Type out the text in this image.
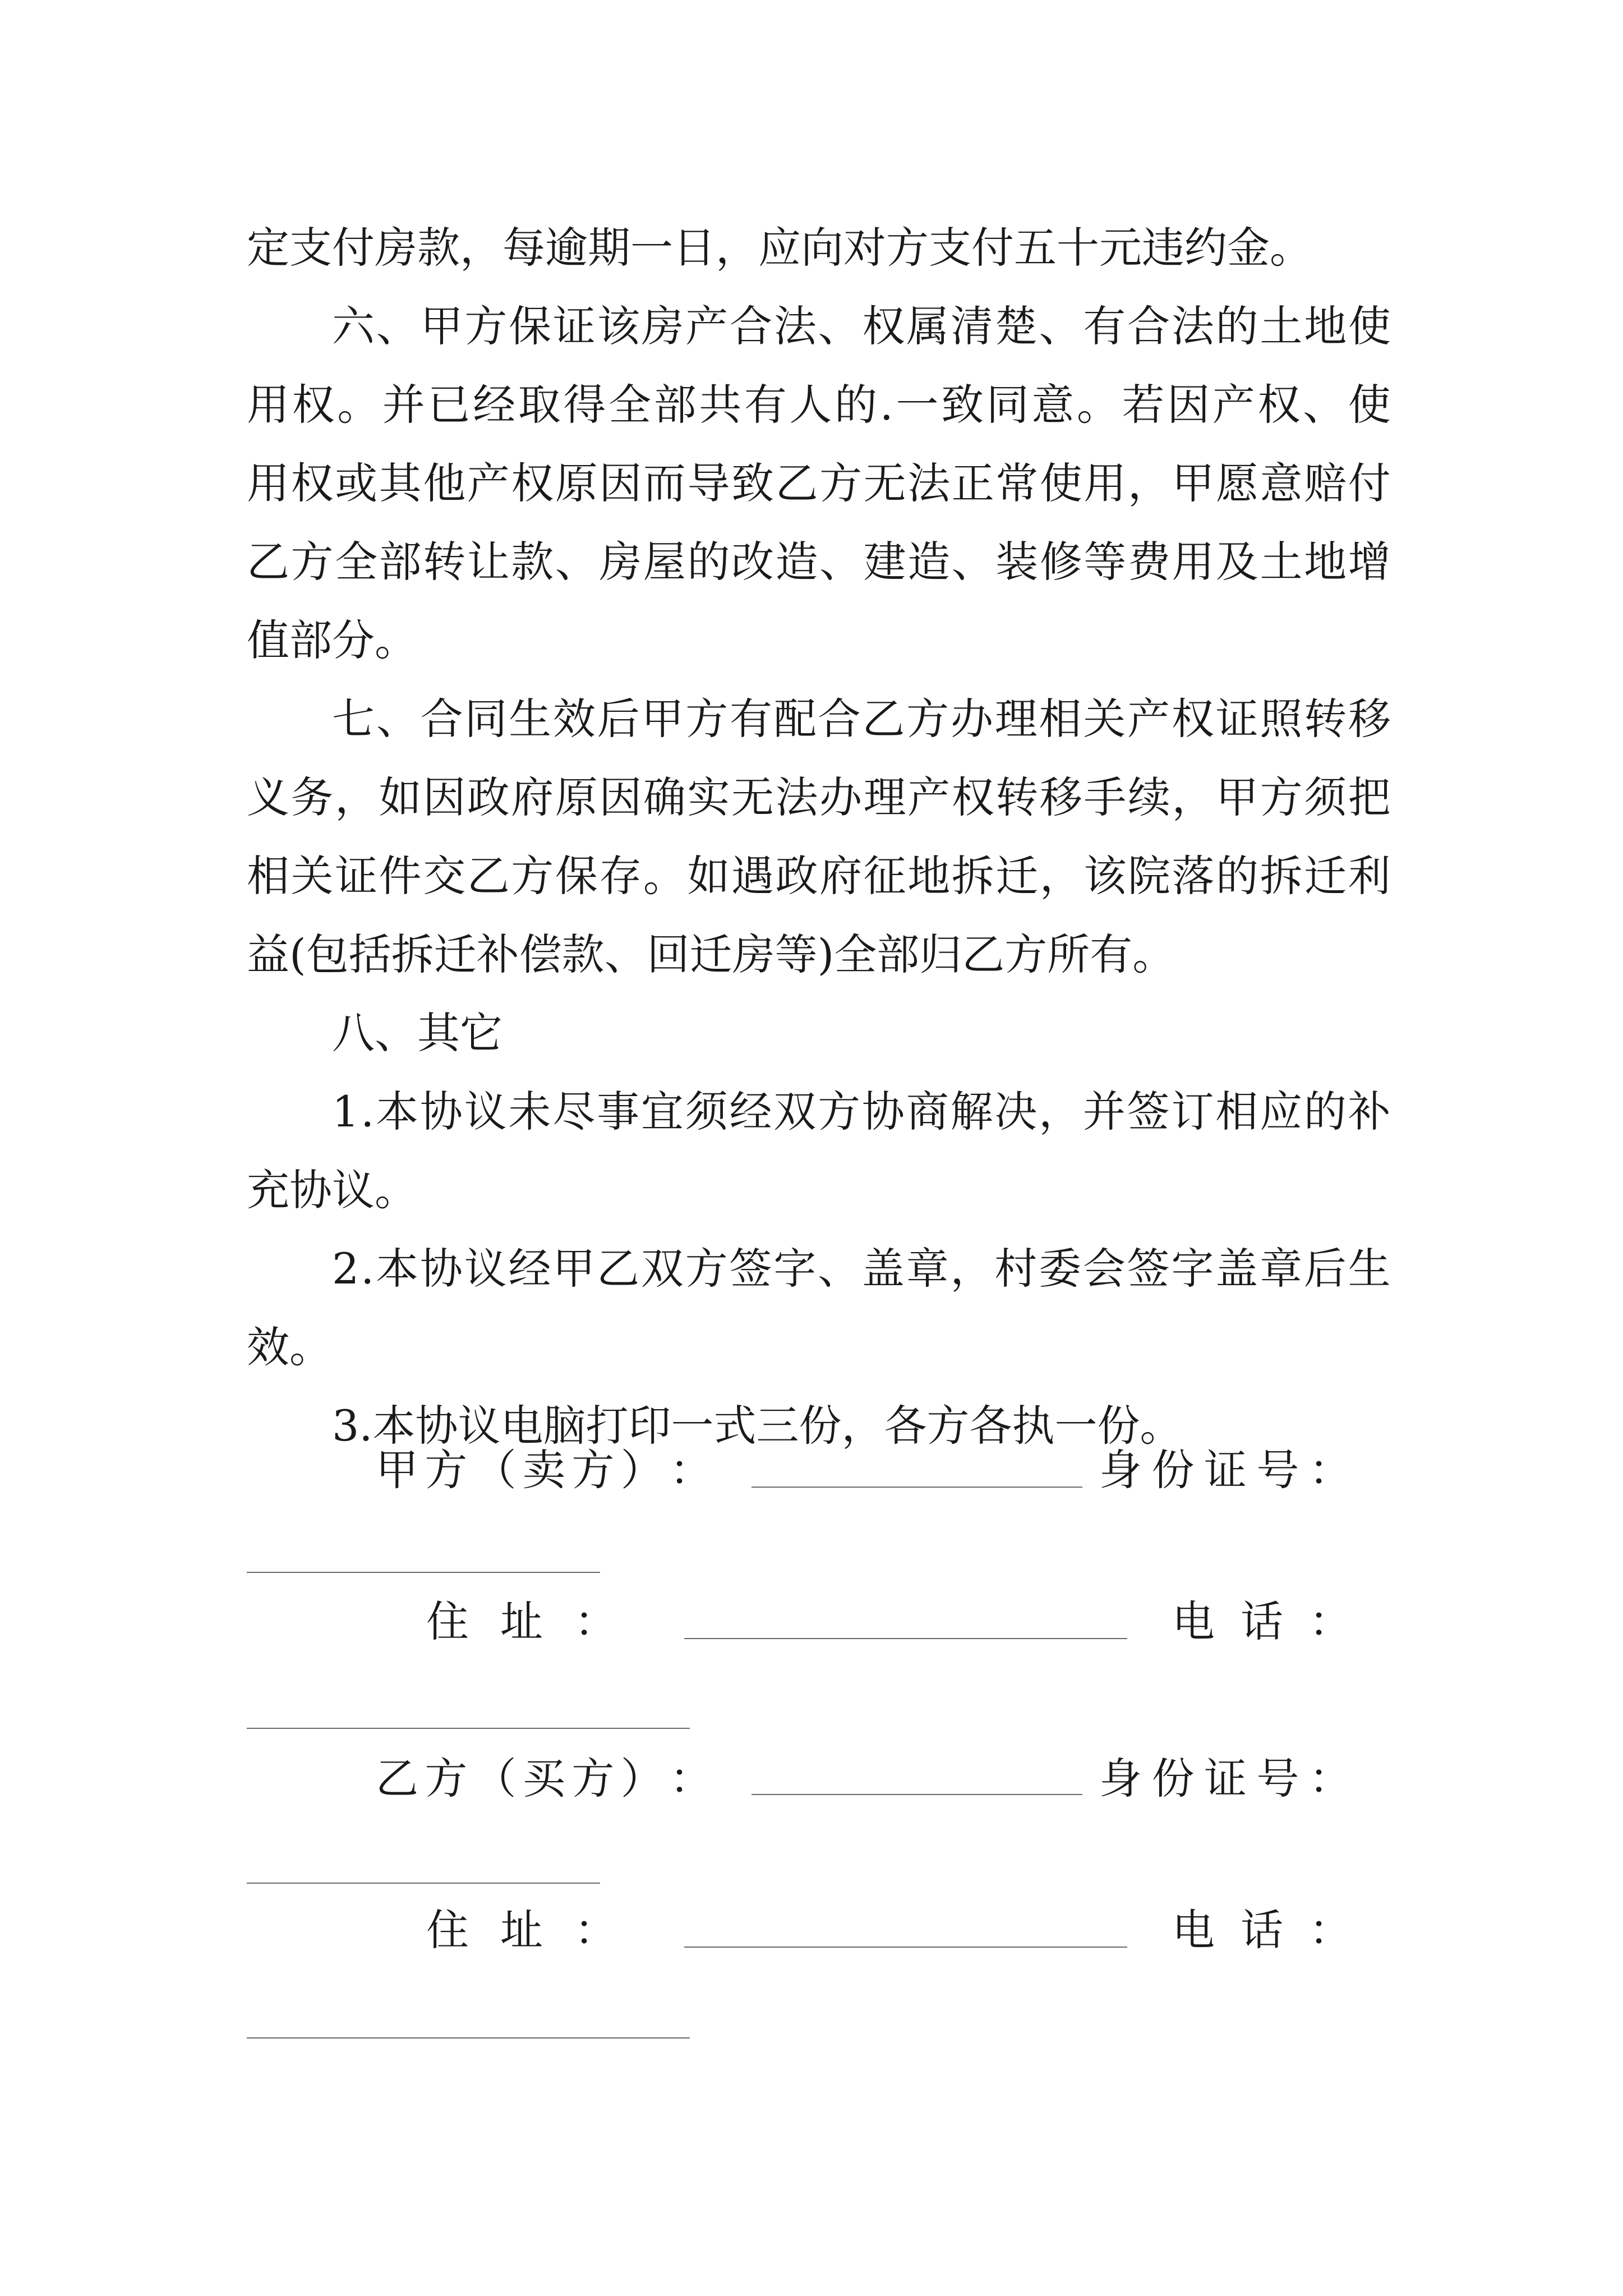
定支付房款，每逾期一日，应向对方支付五十元违约金。
六 、 甲 方 保 证 该 房 产 合 法 、 权 属 清 楚 、 有 合 法 的 土 地 使
用 权 。 并 已 经 取 得 全 部 共 有 人 的 . 一 致 同 意 。 若 因 产 权 、 使
用 权 或 其 他 产 权 原 因 而 导 致 乙 方 无 法 正 常 使 用 ， 甲 愿 意 赔 付
乙 方 全 部 转 让 款 、 房 屋 的 改 造 、 建 造 、 装 修 等 费 用 及 土 地 增
值部分。
七 、 合 同 生 效 后 甲 方 有 配 合 乙 方 办 理 相 关 产 权 证 照 转 移
义 务 ， 如 因 政 府 原 因 确 实 无 法 办 理 产 权 转 移 手 续 ， 甲 方 须 把
相 关 证 件 交 乙 方 保 存 。 如 遇 政 府 征 地 拆 迁 ， 该 院 落 的 拆 迁 利
益(包括拆迁补偿款、回迁房等)全部归乙方所有。
八、其它
1 . 本 协 议 未 尽 事 宜 须 经 双 方 协 商 解 决 ， 并 签 订 相 应 的 补
充协议。
2 . 本 协 议 经 甲 乙 双 方 签 字 、 盖 章 ， 村 委 会 签 字 盖 章 后 生
效。
3.本协议电脑打印一式三份，各方各执一份。
甲 方 （ 卖 方 ） ：	身 份 证 号 ：
住 址 ：	电 话 ：
乙 方 （ 买 方 ） ：	身 份 证 号 ：
住 址 ：	电 话 ：
